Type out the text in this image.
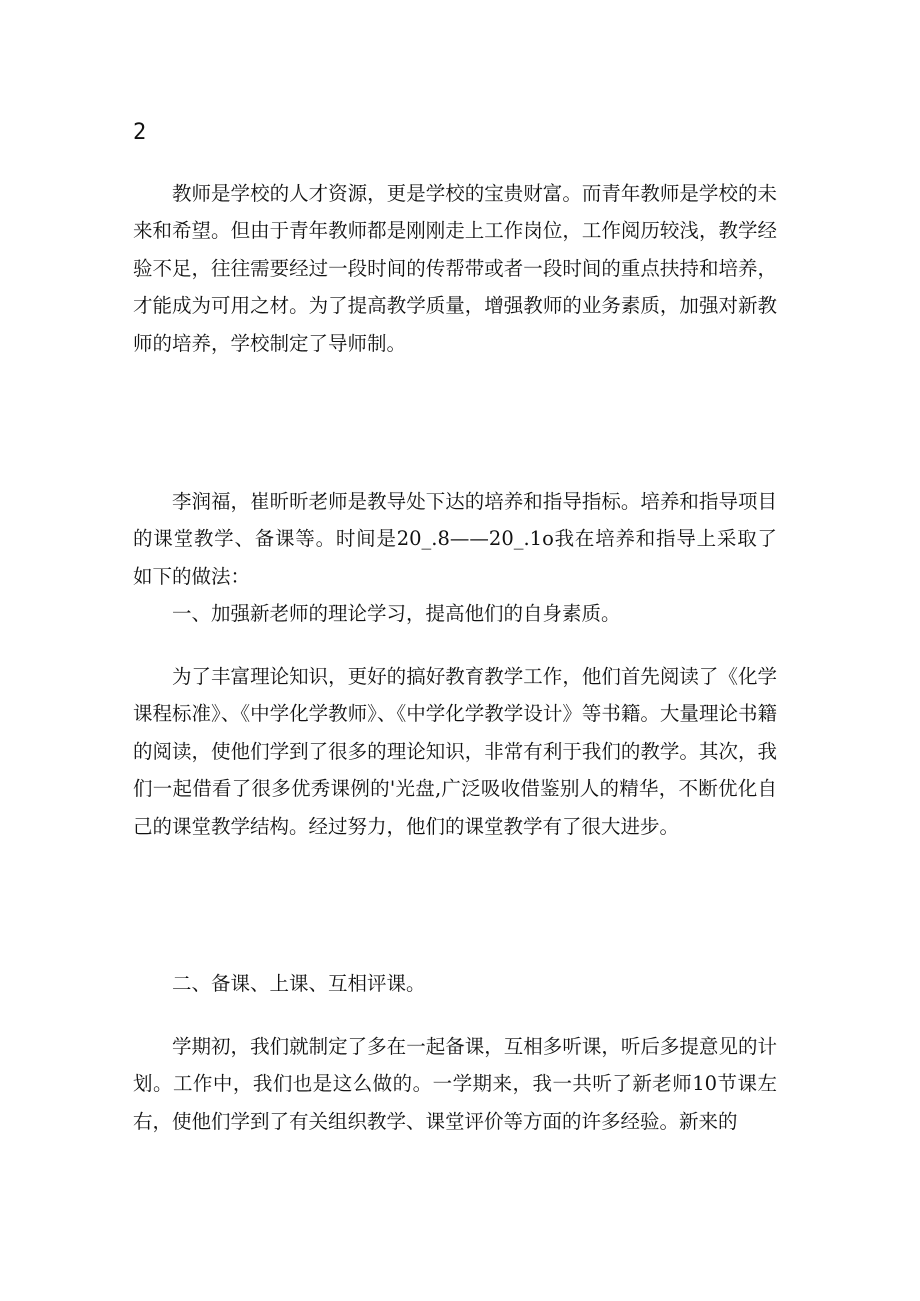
2

教师是学校的人才资源，更是学校的宝贵财富。而青年教师是学校的未来和希望。但由于青年教师都是刚刚走上工作岗位，工作阅历较浅，教学经验不足，往往需要经过一段时间的传帮带或者一段时间的重点扶持和培养，才能成为可用之材。为了提高教学质量，增强教师的业务素质，加强对新教师的培养，学校制定了导师制。

李润福，崔昕昕老师是教导处下达的培养和指导指标。培养和指导项目的课堂教学、备课等。时间是20_.8——20_.1o我在培养和指导上采取了如下的做法：

一、加强新老师的理论学习，提高他们的自身素质。

为了丰富理论知识，更好的搞好教育教学工作，他们首先阅读了《化学课程标准》、《中学化学教师》、《中学化学教学设计》等书籍。大量理论书籍的阅读，使他们学到了很多的理论知识，非常有利于我们的教学。其次，我们一起借看了很多优秀课例的'光盘,广泛吸收借鉴别人的精华，不断优化自己的课堂教学结构。经过努力，他们的课堂教学有了很大进步。

二、备课、上课、互相评课。

学期初，我们就制定了多在一起备课，互相多听课，听后多提意见的计划。工作中，我们也是这么做的。一学期来，我一共听了新老师10节课左右，使他们学到了有关组织教学、课堂评价等方面的许多经验。新来的
